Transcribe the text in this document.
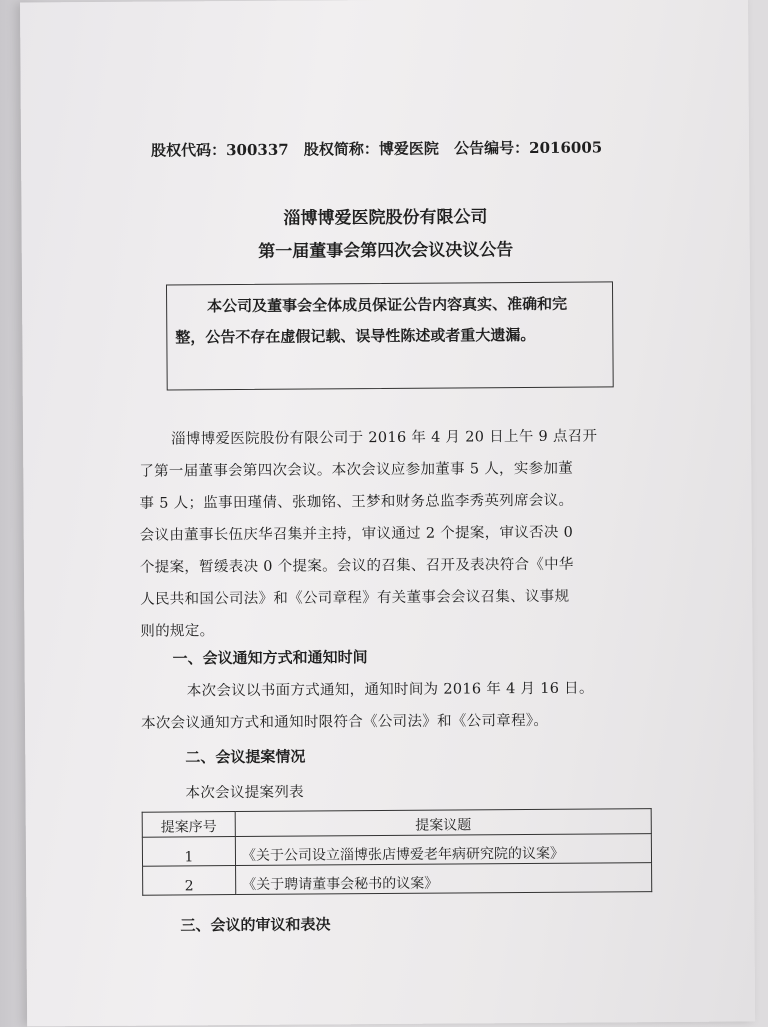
股权代码：300337 股权简称：博爱医院 公告编号：2016005
淄博博爱医院股份有限公司
第一届董事会第四次会议决议公告

本公司及董事会全体成员保证公告内容真实、准确和完

整，公告不存在虚假记载、误导性陈述或者重大遗漏。

淄博博爱医院股份有限公司于 2016 年 4 月 20 日上午 9 点召开
了第一届董事会第四次会议。本次会议应参加董事 5 人，实参加董
事 5 人；监事田瑾倩、张珈铭、王梦和财务总监李秀英列席会议。
会议由董事长伍庆华召集并主持，审议通过 2 个提案，审议否决 0
个提案，暂缓表决 0 个提案。会议的召集、召开及表决符合《中华
人民共和国公司法》和《公司章程》有关董事会会议召集、议事规
则的规定。
一、会议通知方式和通知时间
本次会议以书面方式通知，通知时间为 2016 年 4 月 16 日。
本次会议通知方式和通知时限符合《公司法》和《公司章程》。
二、会议提案情况
本次会议提案列表
提案序号	提案议题
1	《关于公司设立淄博张店博爱老年病研究院的议案》
2	《关于聘请董事会秘书的议案》
三、会议的审议和表决
